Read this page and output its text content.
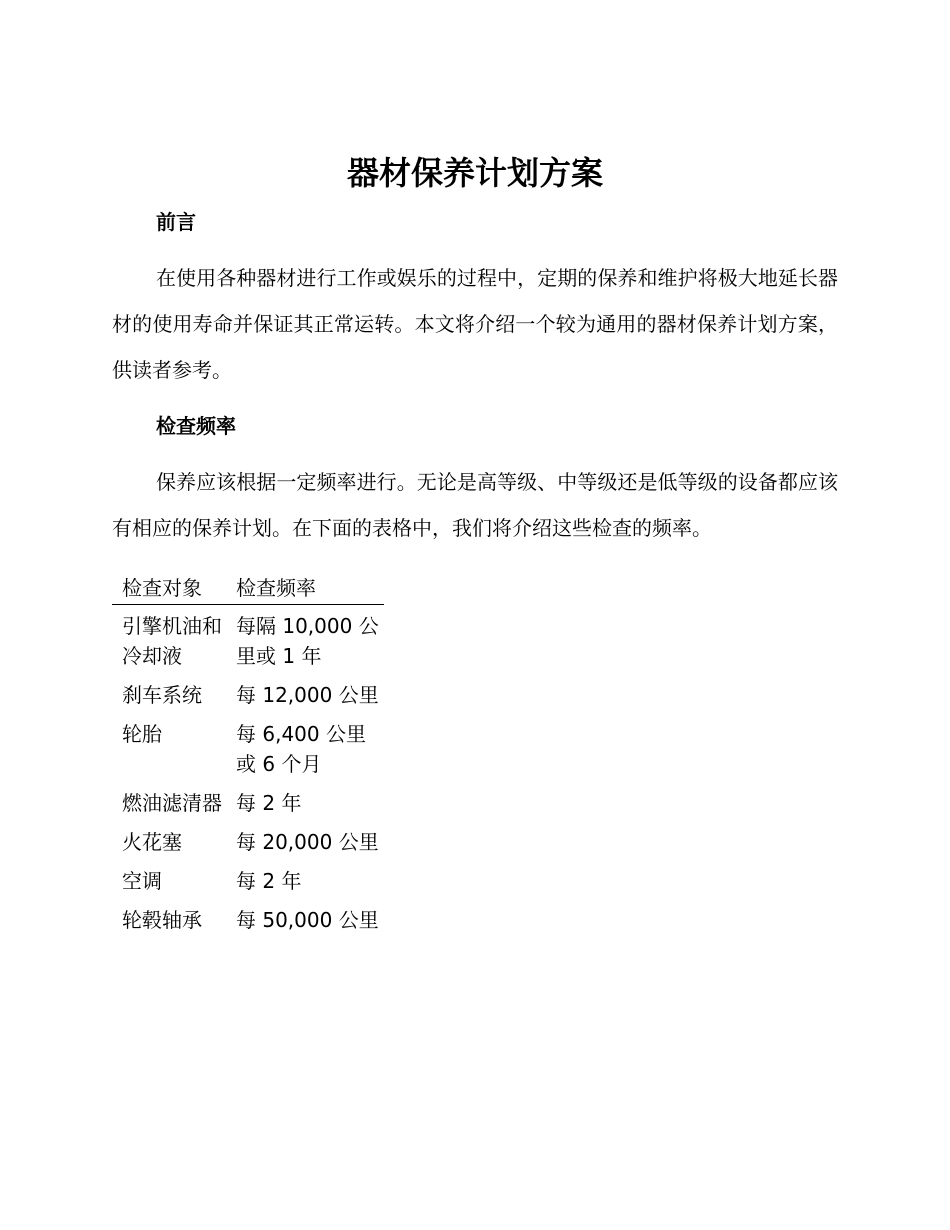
器材保养计划方案
前言

在使用各种器材进行工作或娱乐的过程中，定期的保养和维护将极大地延长器材的使用寿命并保证其正常运转。本文将介绍一个较为通用的器材保养计划方案，供读者参考。

检查频率

保养应该根据一定频率进行。无论是高等级、中等级还是低等级的设备都应该有相应的保养计划。在下面的表格中，我们将介绍这些检查的频率。

检查对象	检查频率
引擎机油和冷却液	每隔 10,000 公里或 1 年
刹车系统	每 12,000 公里
轮胎	每 6,400 公里或 6 个月
燃油滤清器	每 2 年
火花塞	每 20,000 公里
空调	每 2 年
轮毂轴承	每 50,000 公里
